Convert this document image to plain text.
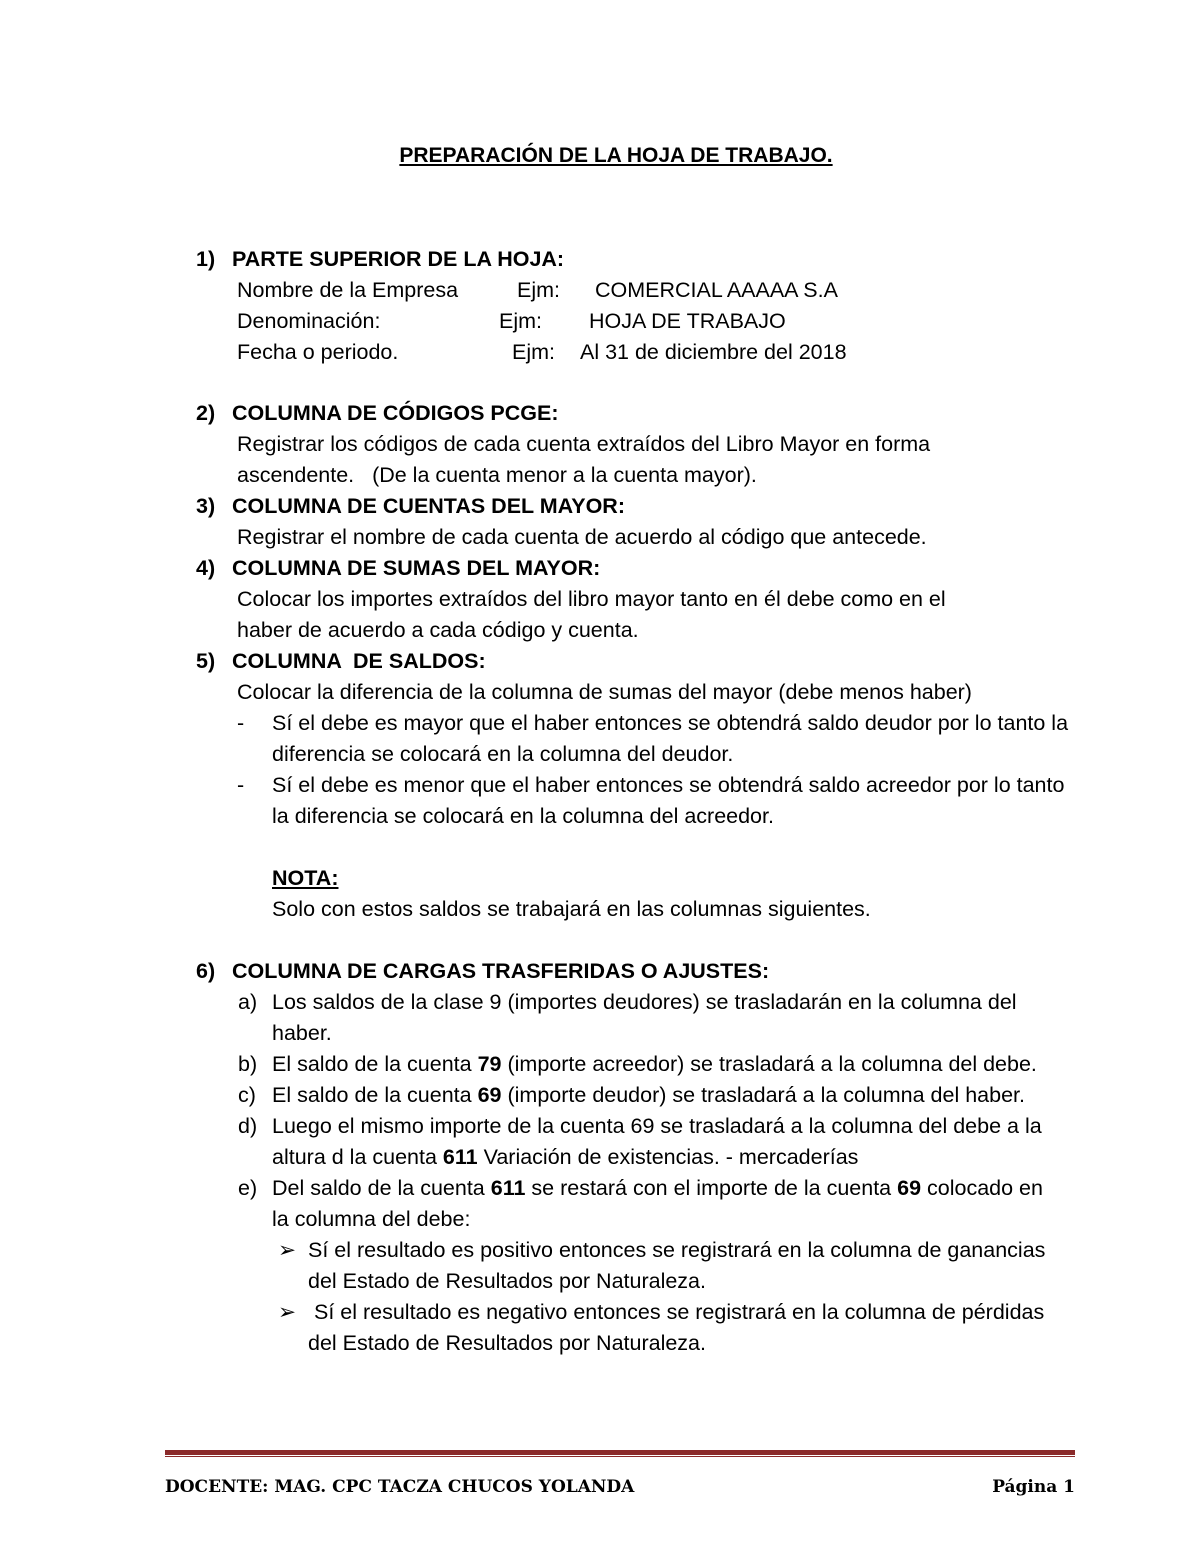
PREPARACIÓN DE LA HOJA DE TRABAJO.
1) PARTE SUPERIOR DE LA HOJA:
Nombre de la Empresa	Ejm:	COMERCIAL AAAAA S.A
Denominación:	Ejm:	HOJA DE TRABAJO
Fecha o periodo.	Ejm:	Al 31 de diciembre del 2018
2) COLUMNA DE CÓDIGOS PCGE:
Registrar los códigos de cada cuenta extraídos del Libro Mayor en forma
ascendente.   (De la cuenta menor a la cuenta mayor).
3) COLUMNA DE CUENTAS DEL MAYOR:
Registrar el nombre de cada cuenta de acuerdo al código que antecede.
4) COLUMNA DE SUMAS DEL MAYOR:
Colocar los importes extraídos del libro mayor tanto en él debe como en el
haber de acuerdo a cada código y cuenta.
5) COLUMNA  DE SALDOS:
Colocar la diferencia de la columna de sumas del mayor (debe menos haber)
-	Sí el debe es mayor que el haber entonces se obtendrá saldo deudor por lo tanto la diferencia se colocará en la columna del deudor.
-	Sí el debe es menor que el haber entonces se obtendrá saldo acreedor por lo tanto la diferencia se colocará en la columna del acreedor.
NOTA:
Solo con estos saldos se trabajará en las columnas siguientes.
6) COLUMNA DE CARGAS TRASFERIDAS O AJUSTES:
a) Los saldos de la clase 9 (importes deudores) se trasladarán en la columna del haber.
b) El saldo de la cuenta 79 (importe acreedor) se trasladará a la columna del debe.
c) El saldo de la cuenta 69 (importe deudor) se trasladará a la columna del haber.
d) Luego el mismo importe de la cuenta 69 se trasladará a la columna del debe a la altura d la cuenta 611 Variación de existencias. - mercaderías
e) Del saldo de la cuenta 611 se restará con el importe de la cuenta 69 colocado en la columna del debe:
➢ Sí el resultado es positivo entonces se registrará en la columna de ganancias del Estado de Resultados por Naturaleza.
➢ Sí el resultado es negativo entonces se registrará en la columna de pérdidas del Estado de Resultados por Naturaleza.
DOCENTE: MAG. CPC TACZA CHUCOS YOLANDA	Página 1
